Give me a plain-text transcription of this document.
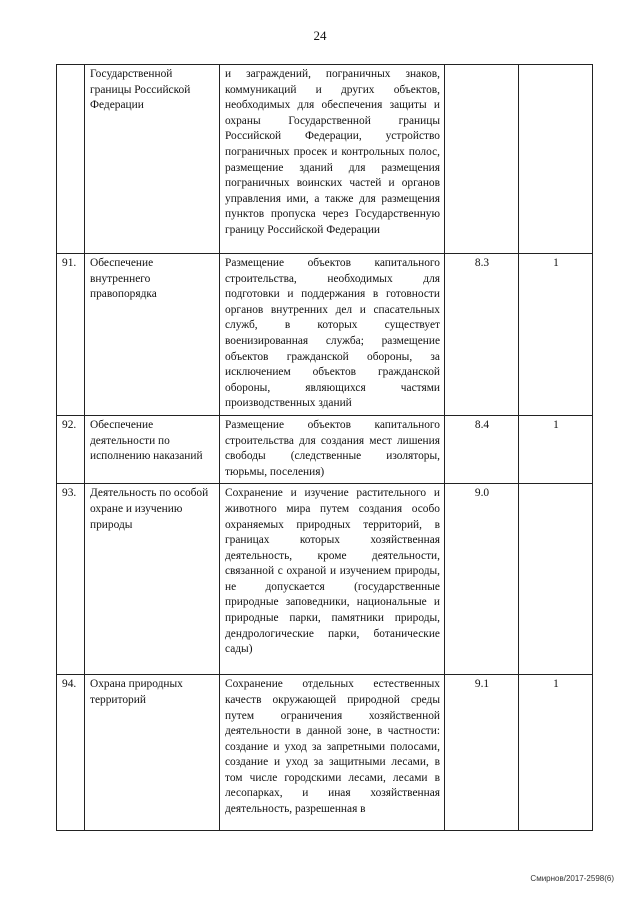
24
	Государственной границы Российской Федерации	и заграждений, пограничных знаков, коммуникаций и других объектов, необходимых для обеспечения защиты и охраны Государственной границы Российской Федерации, устройство пограничных просек и контрольных полос, размещение зданий для размещения пограничных воинских частей и органов управления ими, а также для размещения пунктов пропуска через Государственную границу Российской Федерации		
91.	Обеспечение внутреннего правопорядка	Размещение объектов капитального строительства, необходимых для подготовки и поддержания в готовности органов внутренних дел и спасательных служб, в которых существует военизированная служба; размещение объектов гражданской обороны, за исключением объектов гражданской обороны, являющихся частями производственных зданий	8.3	1
92.	Обеспечение деятельности по исполнению наказаний	Размещение объектов капитального строительства для создания мест лишения свободы (следственные изоляторы, тюрьмы, поселения)	8.4	1
93.	Деятельность по особой охране и изучению природы	Сохранение и изучение растительного и животного мира путем создания особо охраняемых природных территорий, в границах которых хозяйственная деятельность, кроме деятельности, связанной с охраной и изучением природы, не допускается (государственные природные заповедники, национальные и природные парки, памятники природы, дендрологические парки, ботанические сады)	9.0	
94.	Охрана природных территорий	Сохранение отдельных естественных качеств окружающей природной среды путем ограничения хозяйственной деятельности в данной зоне, в частности: создание и уход за запретными полосами, создание и уход за защитными лесами, в том числе городскими лесами, лесами в лесопарках, и иная хозяйственная деятельность, разрешенная в	9.1	1
Смирнов/2017-2598(6)
